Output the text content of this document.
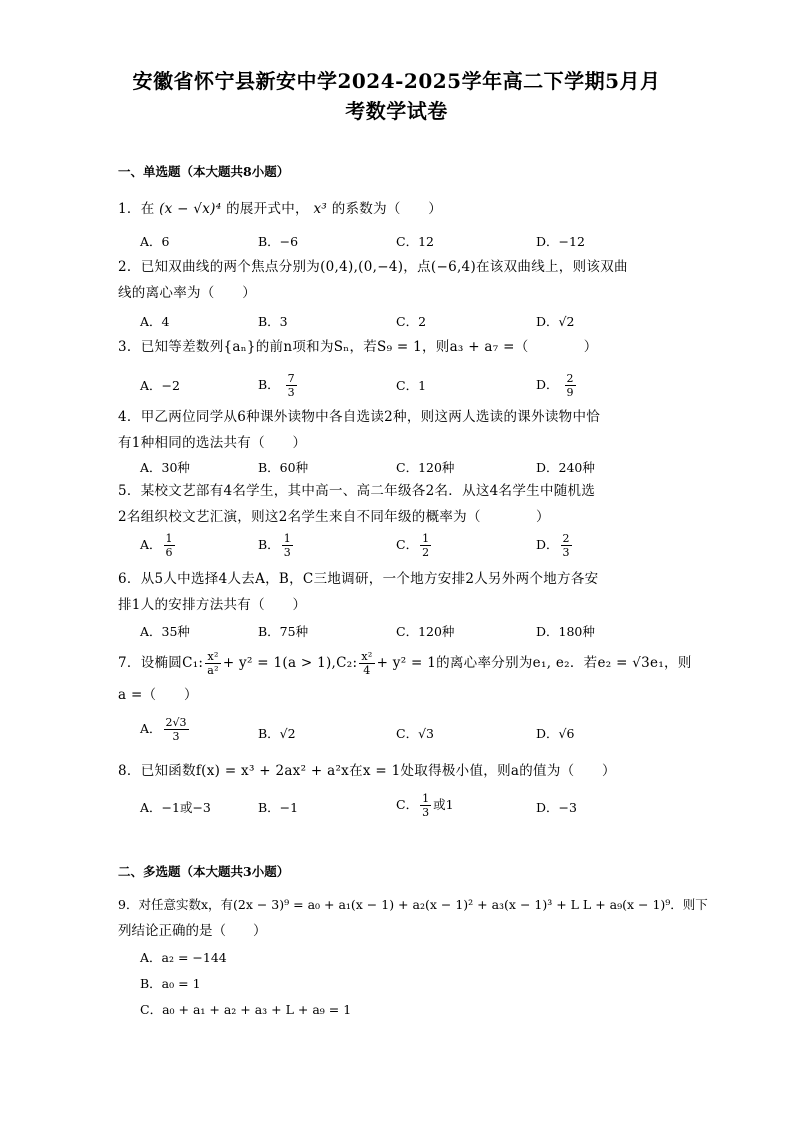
安徽省怀宁县新安中学2024-2025学年高二下学期5月月
考数学试卷
一、单选题（本大题共8小题）
1．在 (x − √x)⁴ 的展开式中， x³ 的系数为（　　）
A．6	B．−6	C．12	D．−12
2．已知双曲线的两个焦点分别为(0,4),(0,−4)，点(−6,4)在该双曲线上，则该双曲
线的离心率为（　　）
A．4	B．3	C．2	D．√2
3．已知等差数列{aₙ}的前n项和为Sₙ，若S₉ = 1，则a₃ + a₇ =（　　　　）
A．−2	B． $\frac{7}{3}$	C．1	D． $\frac{2}{9}$
4．甲乙两位同学从6种课外读物中各自选读2种，则这两人选读的课外读物中恰
有1种相同的选法共有（　　）
A．30种	B．60种	C．120种	D．240种
5．某校文艺部有4名学生，其中高一、高二年级各2名．从这4名学生中随机选
2名组织校文艺汇演，则这2名学生来自不同年级的概率为（　　　　）
A． $\frac{1}{6}$	B． $\frac{1}{3}$	C． $\frac{1}{2}$	D． $\frac{2}{3}$
6．从5人中选择4人去A，B，C三地调研，一个地方安排2人另外两个地方各安
排1人的安排方法共有（　　）
A．35种	B．75种	C．120种	D．180种
7．设椭圆C₁: $\frac{\text{x²}}{\text{a²}} + y^2 = 1(a > 1),C_2$: $\frac{\text{x²}}{4} + y^2 = 1$的离心率分别为e₁, e₂．若e₂ = √3e₁，则
a =（　　）
A． $\frac{2√3}{3}$	B．√2	C．√3	D．√6
8．已知函数f(x) = x³ + 2ax² + a²x在x = 1处取得极小值，则a的值为（　　）
A．−1或−3	B．−1	C． $\frac{1}{3}$ 或1	D．−3
二、多选题（本大题共3小题）
9．对任意实数x，有(2x − 3)⁹ = a₀ + a₁(x − 1) + a₂(x − 1)² + a₃(x − 1)³ + L L + a₉(x − 1)⁹．则下
列结论正确的是（　　）
A．a₂ = −144
B．a₀ = 1
C．a₀ + a₁ + a₂ + a₃ + L + a₉ = 1
